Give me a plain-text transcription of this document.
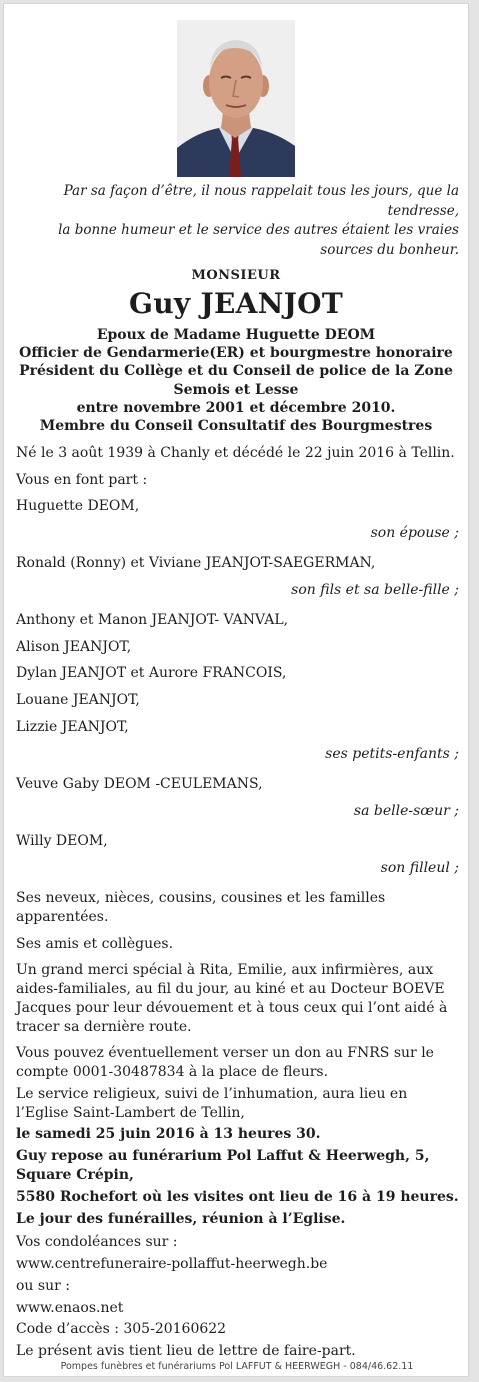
Par sa façon d’être, il nous rappelait tous les jours, que la tendresse,
la bonne humeur et le service des autres étaient les vraies sources du bonheur.
MONSIEUR
Guy JEANJOT
Epoux de Madame Huguette DEOM
Officier de Gendarmerie(ER) et bourgmestre honoraire
Président du Collège et du Conseil de police de la Zone Semois et Lesse
entre novembre 2001 et décembre 2010.
Membre du Conseil Consultatif des Bourgmestres
Né le 3 août 1939 à Chanly et décédé le 22 juin 2016 à Tellin.
Vous en font part :
Huguette DEOM,
son épouse ;
Ronald (Ronny) et Viviane JEANJOT-SAEGERMAN,
son fils et sa belle-fille ;
Anthony et Manon JEANJOT- VANVAL,
Alison JEANJOT,
Dylan JEANJOT et Aurore FRANCOIS,
Louane JEANJOT,
Lizzie JEANJOT,
ses petits-enfants ;
Veuve Gaby DEOM -CEULEMANS,
sa belle-sœur ;
Willy DEOM,
son filleul ;
Ses neveux, nièces, cousins, cousines et les familles apparentées.
Ses amis et collègues.
Un grand merci spécial à Rita, Emilie, aux infirmières, aux aides-familiales, au fil du jour, au kiné et au Docteur BOEVE Jacques pour leur dévouement et à tous ceux qui l’ont aidé à tracer sa dernière route.
Vous pouvez éventuellement verser un don au FNRS sur le compte 0001-30487834 à la place de fleurs.
Le service religieux, suivi de l’inhumation, aura lieu en l’Eglise Saint-Lambert de Tellin,
le samedi 25 juin 2016 à 13 heures 30.
Guy repose au funérarium Pol Laffut & Heerwegh, 5, Square Crépin,
5580 Rochefort où les visites ont lieu de 16 à 19 heures.
Le jour des funérailles, réunion à l’Eglise.
Vos condoléances sur :
www.centrefuneraire-pollaffut-heerwegh.be
ou sur :
www.enaos.net
Code d’accès : 305-20160622
Le présent avis tient lieu de lettre de faire-part.
Pompes funèbres et funérariums Pol LAFFUT & HEERWEGH - 084/46.62.11
